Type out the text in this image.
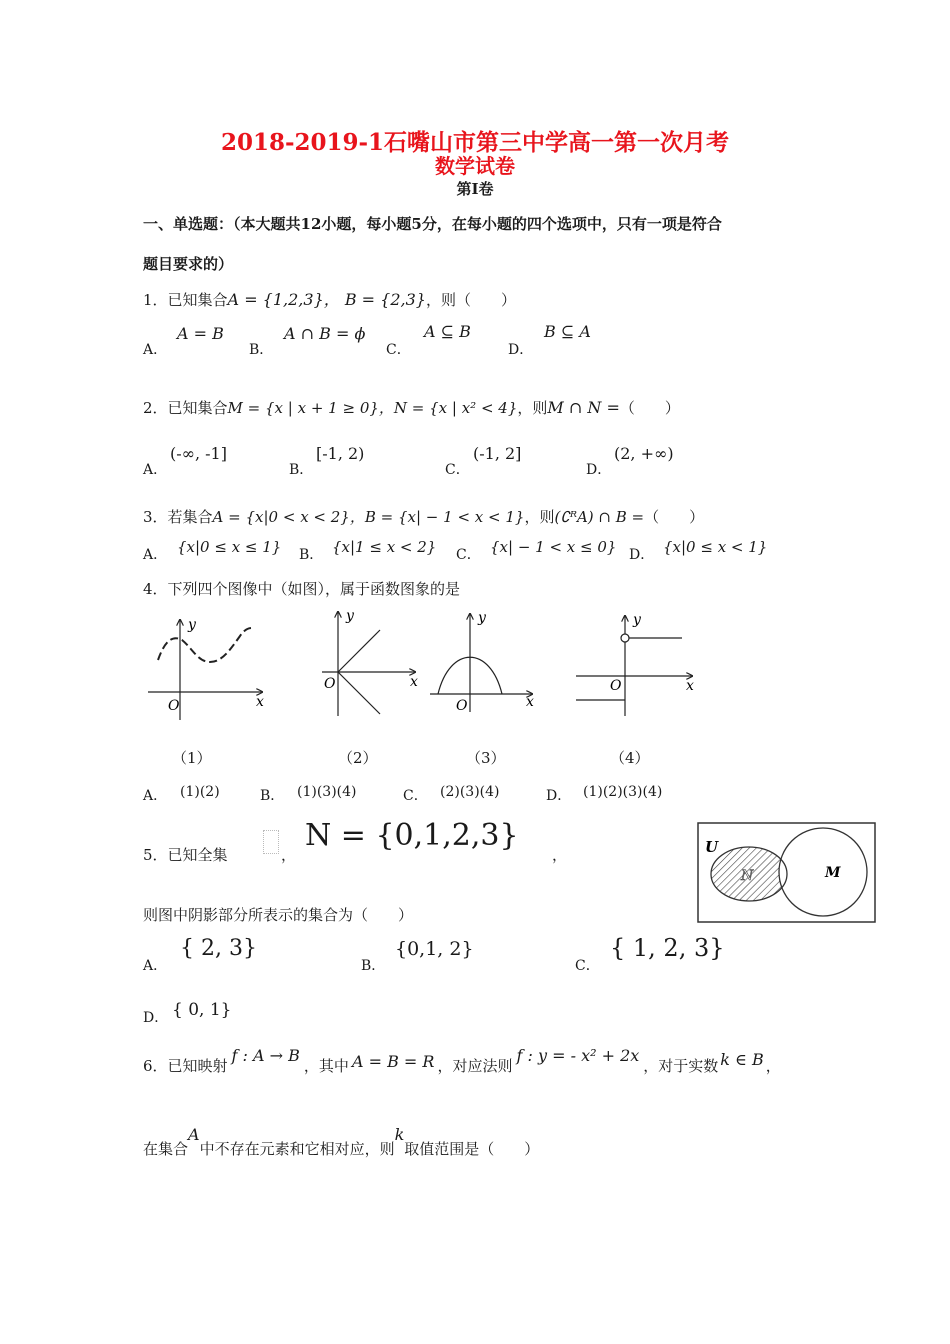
2018-2019-1石嘴山市第三中学高一第一次月考
数学试卷
第Ⅰ卷
一、单选题：（本大题共12小题，每小题5分，在每小题的四个选项中，只有一项是符合
题目要求的）
1．已知集合A = {1,2,3}， B = {2,3}，则（　　）
A．
A = B
B．
A ∩ B = ϕ
C．
A ⊆ B
D．
B ⊆ A
2．已知集合M = {x | x + 1 ≥ 0}，N = {x | x² < 4}，则M ∩ N =（　　）
A．
(-∞, -1]
B．
[-1, 2)
C．
(-1, 2]
D．
(2, +∞)
3．若集合A = {x|0 < x < 2}，B = {x| − 1 < x < 1}，则(∁ᴿA) ∩ B =（　　）
A． {x|0 ≤ x ≤ 1} B． {x|1 ≤ x < 2} C． {x| − 1 < x ≤ 0} D． {x|0 ≤ x < 1}
4．下列四个图像中（如图），属于函数图象的是
y
x
O
y
x
O
y
x
O
y
x
O
（1）	（2）	（3）	（4）
A． (1)(2)	B． (1)(3)(4)	C． (2)(3)(4)	D． (1)(2)(3)(4)
5．已知全集	，
N = {0,1,2,3}
，
则图中阴影部分所表示的集合为（　　）
U
N	M
A．
{ 2, 3}
B．
{0,1, 2}
C．
{ 1, 2, 3}
D． { 0, 1}
6．已知映射f : A → B，其中 A = B = R ，对应法则f : y = - x² + 2x，对于实数 k ∈ B ，
在集合A中不存在元素和它相对应，则k取值范围是（　　）
